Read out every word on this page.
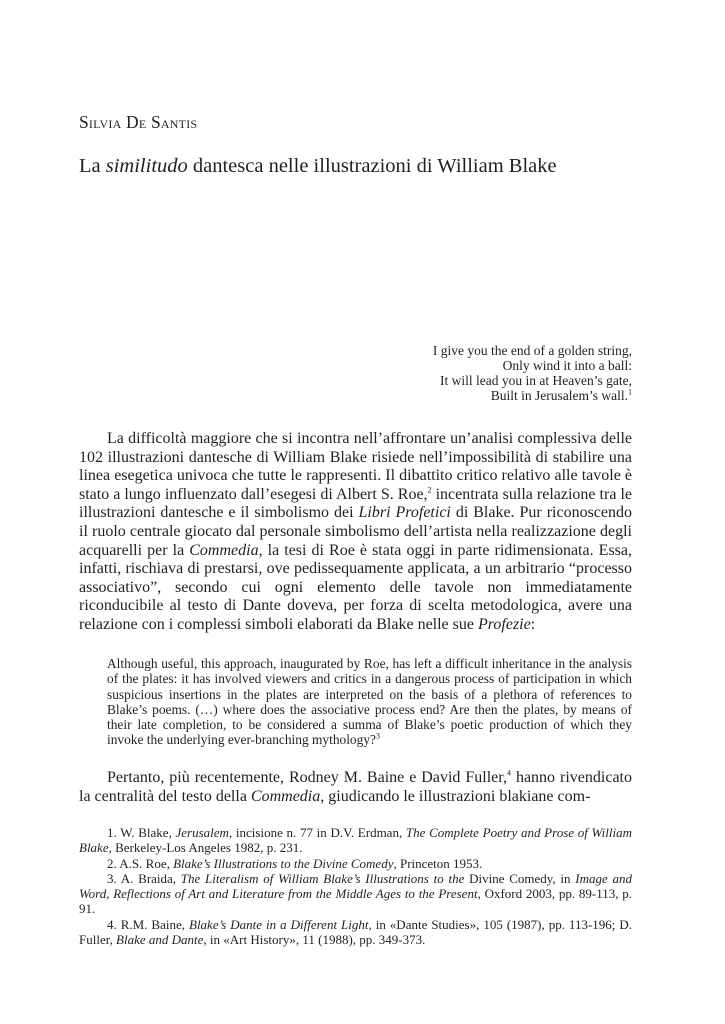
Silvia De Santis
La similitudo dantesca nelle illustrazioni di William Blake
I give you the end of a golden string,
Only wind it into a ball:
It will lead you in at Heaven’s gate,
Built in Jerusalem’s wall.$^1$

La difficoltà maggiore che si incontra nell’affrontare un’analisi complessiva delle 102 illustrazioni dantesche di William Blake risiede nell’impossibilità di stabilire una linea esegetica univoca che tutte le rappresenti. Il dibattito critico relativo alle tavole è stato a lungo influenzato dall’esegesi di Albert S. Roe,$^2$ incentrata sulla relazione tra le illustrazioni dantesche e il simbolismo dei Libri Profetici di Blake. Pur riconoscendo il ruolo centrale giocato dal personale simbolismo dell’artista nella realizzazione degli acquarelli per la Commedia, la tesi di Roe è stata oggi in parte ridimensionata. Essa, infatti, rischiava di prestarsi, ove pedissequamente applicata, a un arbitrario “processo associativo”, secondo cui ogni elemento delle tavole non immediatamente riconducibile al testo di Dante doveva, per forza di scelta metodologica, avere una relazione con i complessi simboli elaborati da Blake nelle sue Profezie:

Although useful, this approach, inaugurated by Roe, has left a difficult inheritance in the analysis of the plates: it has involved viewers and critics in a dangerous process of participation in which suspicious insertions in the plates are interpreted on the basis of a plethora of references to Blake’s poems. (…) where does the associative process end? Are then the plates, by means of their late completion, to be considered a summa of Blake’s poetic production of which they invoke the underlying ever-branching mythology?$^3$

Pertanto, più recentemente, Rodney M. Baine e David Fuller,$^4$ hanno rivendicato la centralità del testo della Commedia, giudicando le illustrazioni blakiane com-

1. W. Blake, Jerusalem, incisione n. 77 in D.V. Erdman, The Complete Poetry and Prose of William Blake, Berkeley-Los Angeles 1982, p. 231.

2. A.S. Roe, Blake’s Illustrations to the Divine Comedy, Princeton 1953.

3. A. Braida, The Literalism of William Blake’s Illustrations to the Divine Comedy, in Image and Word, Reflections of Art and Literature from the Middle Ages to the Present, Oxford 2003, pp. 89-113, p. 91.

4. R.M. Baine, Blake’s Dante in a Different Light, in «Dante Studies», 105 (1987), pp. 113-196; D. Fuller, Blake and Dante, in «Art History», 11 (1988), pp. 349-373.
